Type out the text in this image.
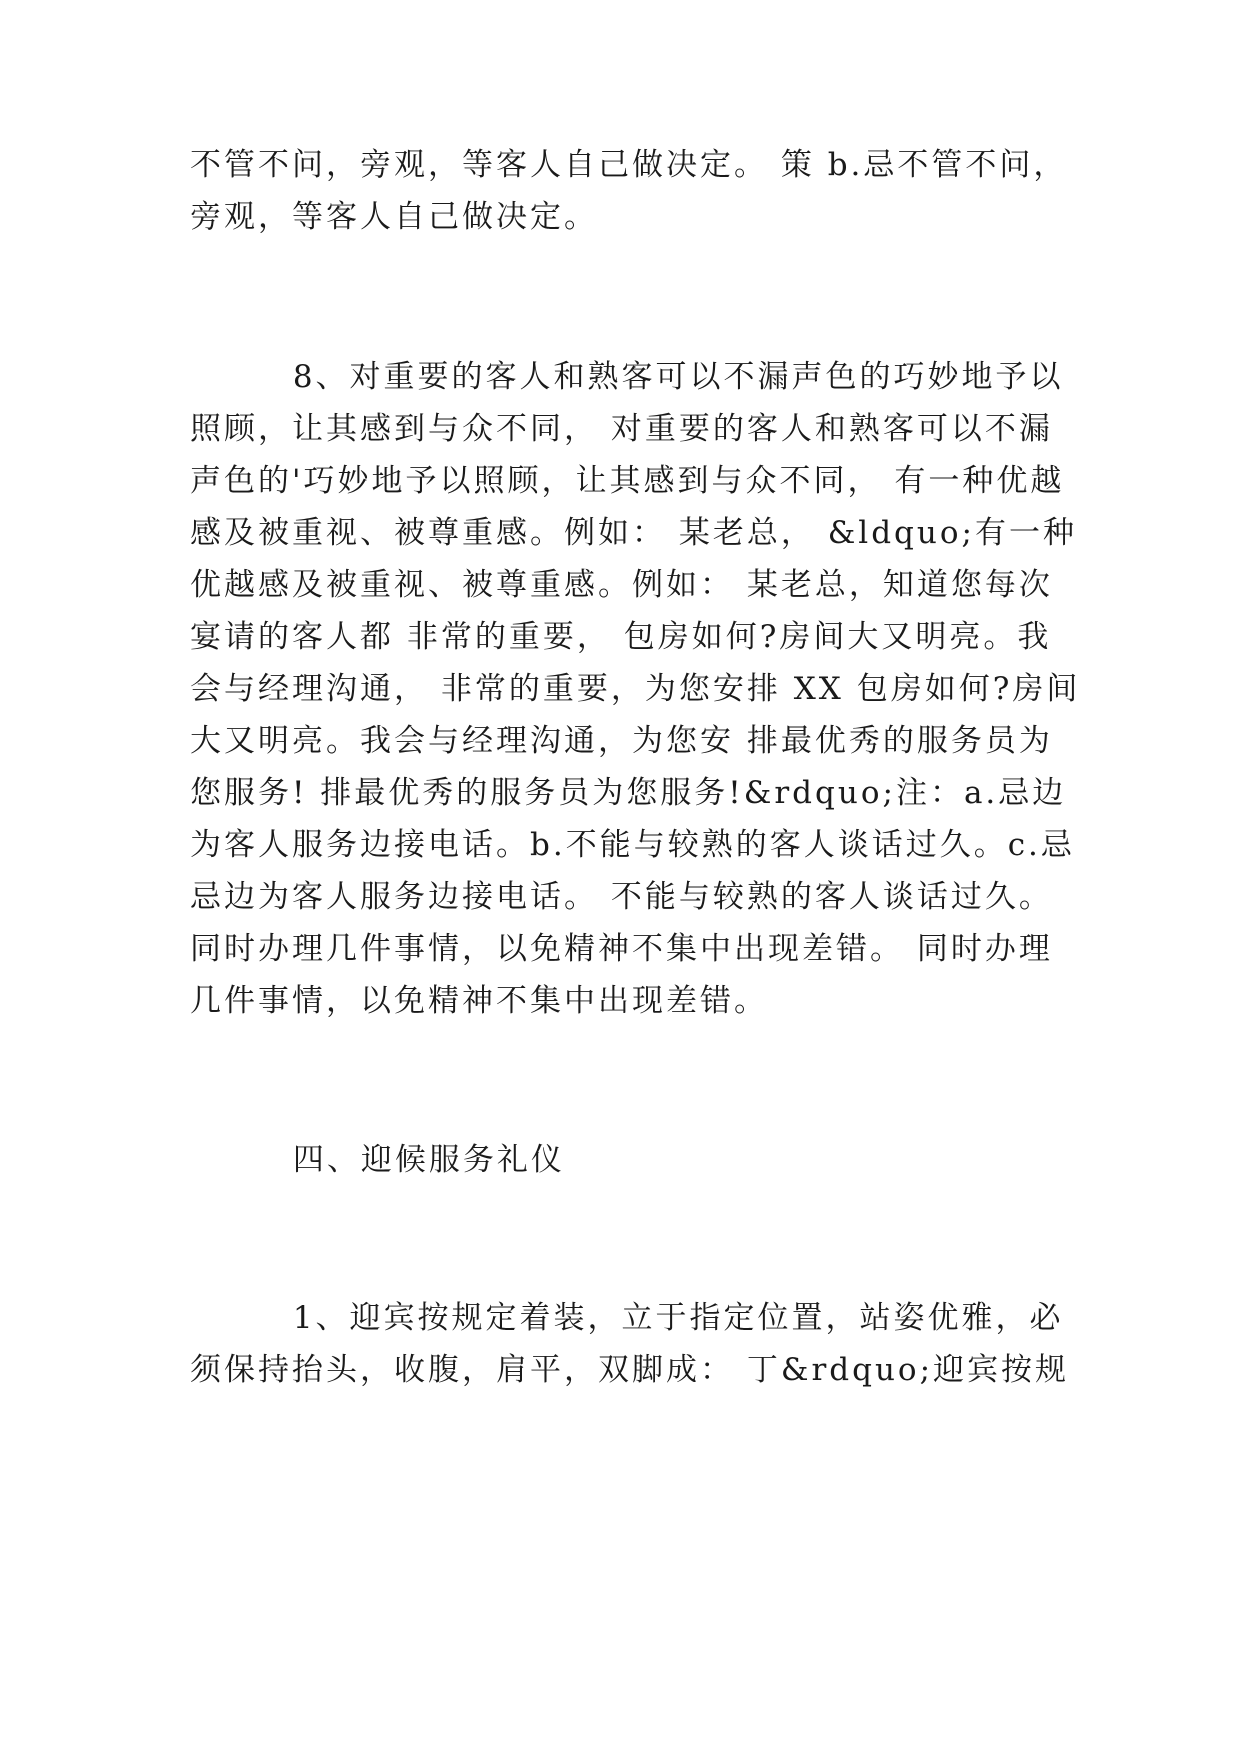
不管不问，旁观，等客人自己做决定。 策 b.忌不管不问，
旁观，等客人自己做决定。
8、对重要的客人和熟客可以不漏声色的巧妙地予以
照顾，让其感到与众不同， 对重要的客人和熟客可以不漏
声色的'巧妙地予以照顾，让其感到与众不同， 有一种优越
感及被重视、被尊重感。例如： 某老总， &ldquo;有一种
优越感及被重视、被尊重感。例如： 某老总，知道您每次
宴请的客人都 非常的重要， 包房如何?房间大又明亮。我
会与经理沟通， 非常的重要，为您安排 XX 包房如何?房间
大又明亮。我会与经理沟通，为您安 排最优秀的服务员为
您服务! 排最优秀的服务员为您服务!&rdquo;注：a.忌边
为客人服务边接电话。b.不能与较熟的客人谈话过久。c.忌
忌边为客人服务边接电话。 不能与较熟的客人谈话过久。
同时办理几件事情，以免精神不集中出现差错。 同时办理
几件事情，以免精神不集中出现差错。
四、迎候服务礼仪
1、迎宾按规定着装，立于指定位置，站姿优雅，必
须保持抬头，收腹，肩平，双脚成： 丁&rdquo;迎宾按规
